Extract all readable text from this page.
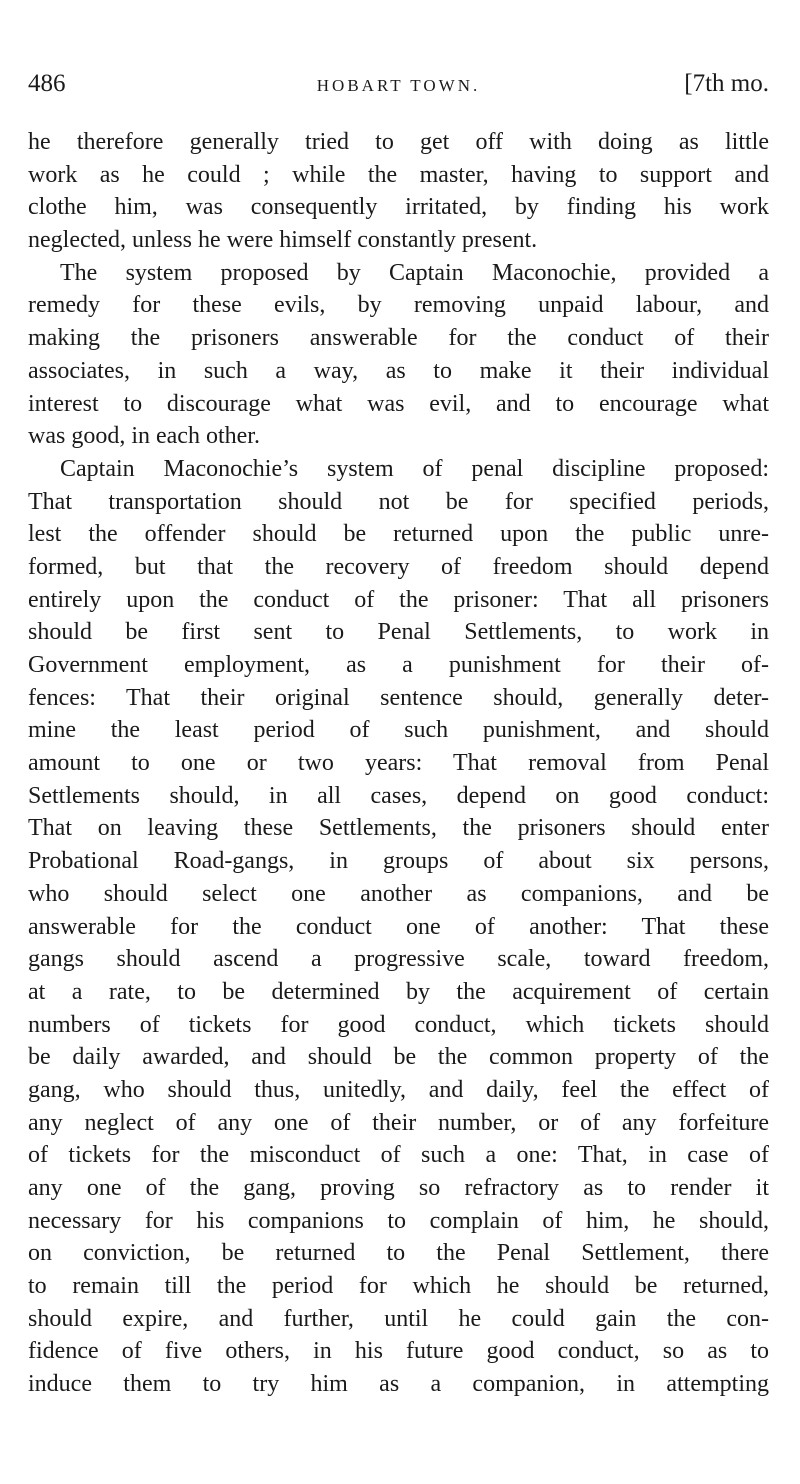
486	HOBART TOWN.	[7th mo.
he therefore generally tried to get off with doing as little
work as he could ; while the master, having to support and
clothe him, was consequently irritated, by finding his work
neglected, unless he were himself constantly present.
The system proposed by Captain Maconochie, provided a
remedy for these evils, by removing unpaid labour, and
making the prisoners answerable for the conduct of their
associates, in such a way, as to make it their individual
interest to discourage what was evil, and to encourage what
was good, in each other.
Captain Maconochie’s system of penal discipline proposed:
That transportation should not be for specified periods,
lest the offender should be returned upon the public unre-
formed, but that the recovery of freedom should depend
entirely upon the conduct of the prisoner: That all prisoners
should be first sent to Penal Settlements, to work in
Government employment, as a punishment for their of-
fences: That their original sentence should, generally deter-
mine the least period of such punishment, and should
amount to one or two years: That removal from Penal
Settlements should, in all cases, depend on good conduct:
That on leaving these Settlements, the prisoners should enter
Probational Road-gangs, in groups of about six persons,
who should select one another as companions, and be
answerable for the conduct one of another: That these
gangs should ascend a progressive scale, toward freedom,
at a rate, to be determined by the acquirement of certain
numbers of tickets for good conduct, which tickets should
be daily awarded, and should be the common property of the
gang, who should thus, unitedly, and daily, feel the effect of
any neglect of any one of their number, or of any forfeiture
of tickets for the misconduct of such a one: That, in case of
any one of the gang, proving so refractory as to render it
necessary for his companions to complain of him, he should,
on conviction, be returned to the Penal Settlement, there
to remain till the period for which he should be returned,
should expire, and further, until he could gain the con-
fidence of five others, in his future good conduct, so as to
induce them to try him as a companion, in attempting
